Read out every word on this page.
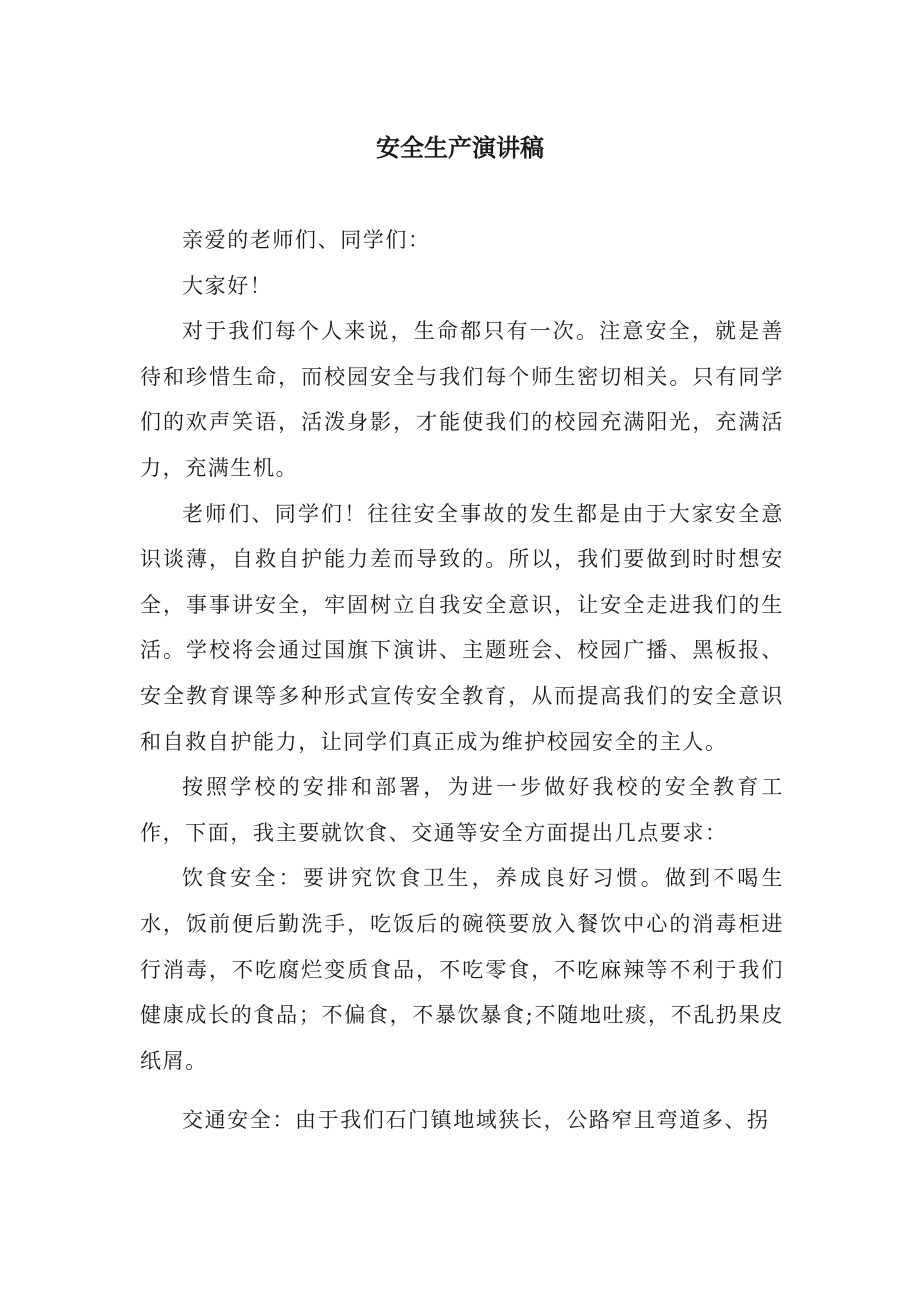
安全生产演讲稿

亲爱的老师们、同学们：

大家好！

对于我们每个人来说，生命都只有一次。注意安全，就是善待和珍惜生命，而校园安全与我们每个师生密切相关。只有同学们的欢声笑语，活泼身影，才能使我们的校园充满阳光，充满活力，充满生机。

老师们、同学们！往往安全事故的发生都是由于大家安全意识谈薄，自救自护能力差而导致的。所以，我们要做到时时想安全，事事讲安全，牢固树立自我安全意识，让安全走进我们的生活。学校将会通过国旗下演讲、主题班会、校园广播、黑板报、安全教育课等多种形式宣传安全教育，从而提高我们的安全意识和自救自护能力，让同学们真正成为维护校园安全的主人。

按照学校的安排和部署，为进一步做好我校的安全教育工作，下面，我主要就饮食、交通等安全方面提出几点要求：

饮食安全：要讲究饮食卫生，养成良好习惯。做到不喝生水，饭前便后勤洗手，吃饭后的碗筷要放入餐饮中心的消毒柜进行消毒，不吃腐烂变质食品，不吃零食，不吃麻辣等不利于我们健康成长的食品；不偏食，不暴饮暴食;不随地吐痰，不乱扔果皮纸屑。

交通安全：由于我们石门镇地域狭长，公路窄且弯道多、拐
